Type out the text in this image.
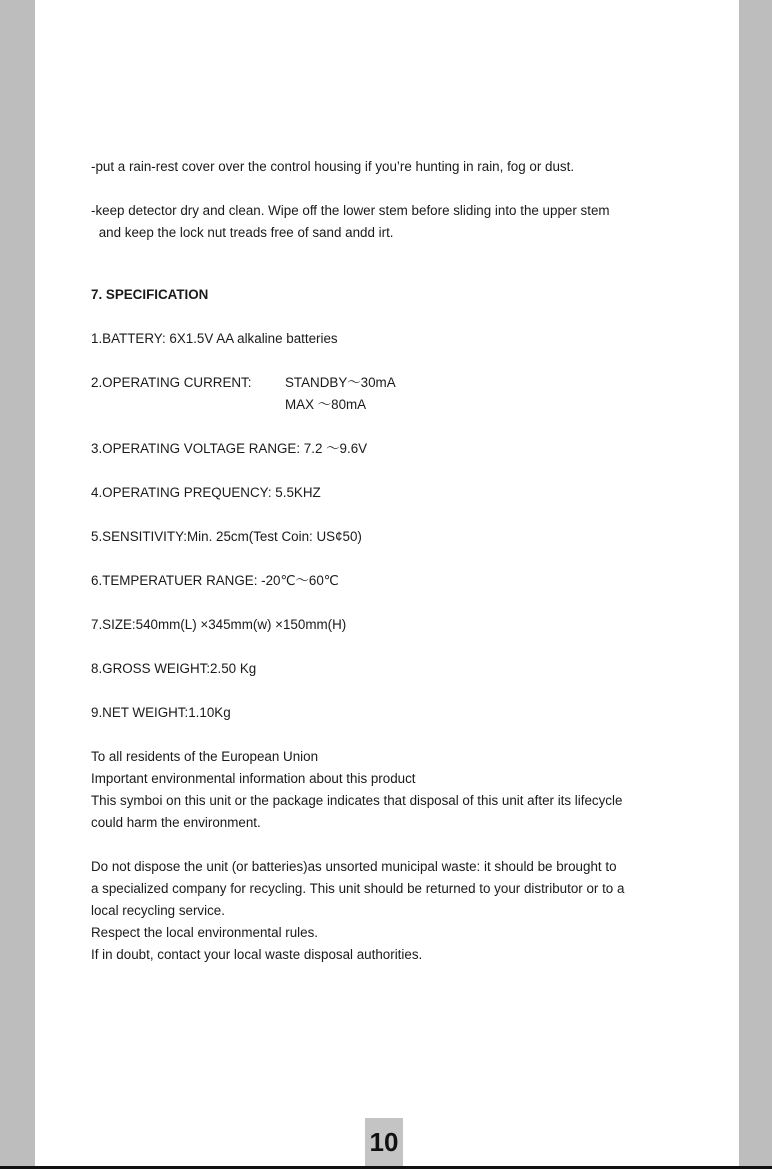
-put a rain-rest cover over the control housing if you’re hunting in rain, fog or dust.

-keep detector dry and clean. Wipe off the lower stem before sliding into the upper stem

and keep the lock nut treads free of sand andd irt.

7. SPECIFICATION

1.BATTERY: 6X1.5V AA alkaline batteries

2.OPERATING CURRENT:	STANDBY～30mA
MAX ～80mA

3.OPERATING VOLTAGE RANGE: 7.2 ～9.6V

4.OPERATING PREQUENCY: 5.5KHZ

5.SENSITIVITY:Min. 25cm(Test Coin: US¢50)

6.TEMPERATUER RANGE: -20℃～60℃

7.SIZE:540mm(L) ×345mm(w) ×150mm(H)

8.GROSS WEIGHT:2.50 Kg

9.NET WEIGHT:1.10Kg

To all residents of the European Union

Important environmental information about this product

This symboi on this unit or the package indicates that disposal of this unit after its lifecycle

could harm the environment.

Do not dispose the unit (or batteries)as unsorted municipal waste: it should be brought to

a specialized company for recycling. This unit should be returned to your distributor or to a

local recycling service.

Respect the local environmental rules.

If in doubt, contact your local waste disposal authorities.

10
